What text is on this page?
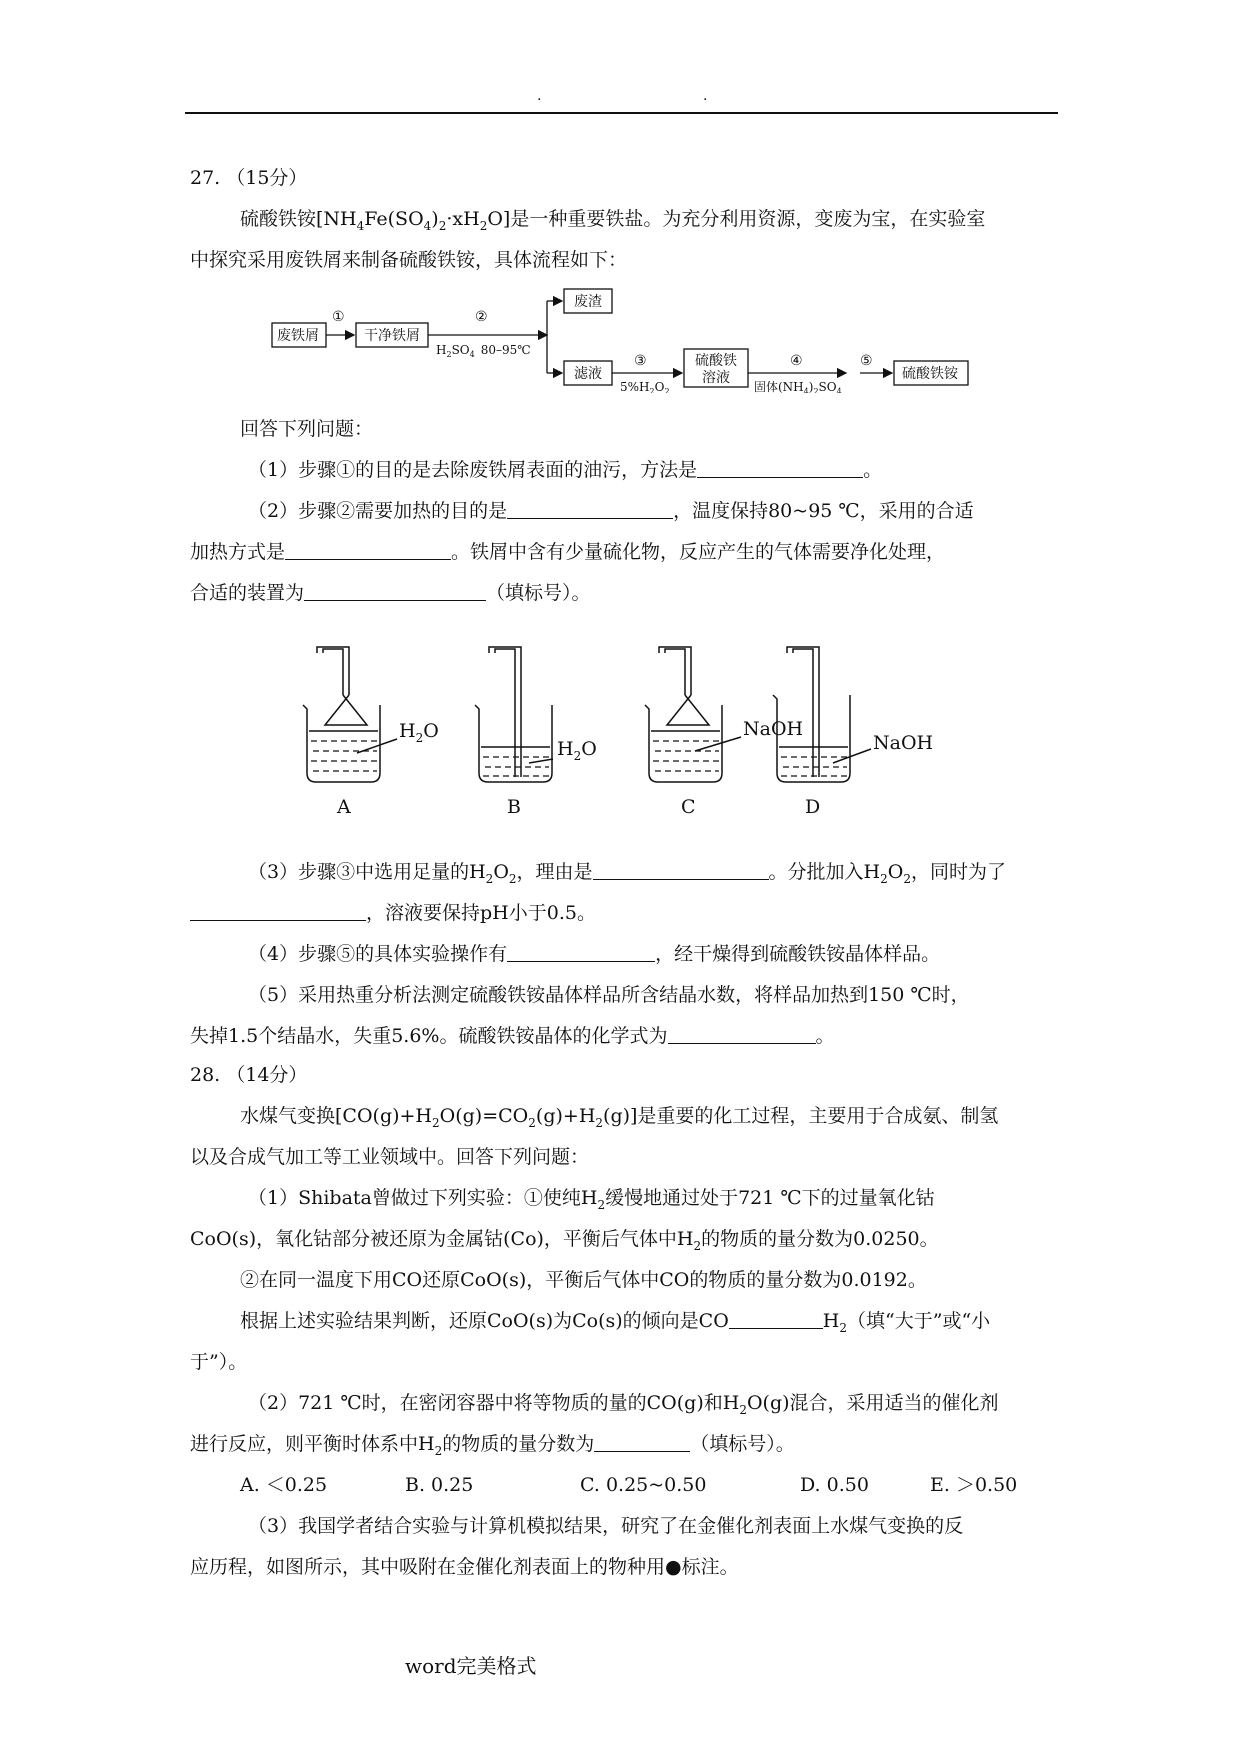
.	.
27. （15分）
硫酸铁铵$[NH_4Fe(SO_4)_2\cdot xH_2O]$是一种重要铁盐。为充分利用资源，变废为宝，在实验室
中探究采用废铁屑来制备硫酸铁铵，具体流程如下：
废铁屑	干净铁屑
废渣
滤液
硫酸铁
溶液	硫酸铁铵
①	②
③	④	⑤
$H_2SO_4$ 80–95℃
$5\%H_2O_2$	固体$(NH_4)_2SO_4$
回答下列问题：
（1）步骤①的目的是去除废铁屑表面的油污，方法是	。
（2）步骤②需要加热的目的是	，温度保持80~95 ℃，采用的合适
加热方式是	。铁屑中含有少量硫化物，反应产生的气体需要净化处理，
合适的装置为	（填标号）。
$H_2O$
$H_2O$
NaOH
NaOH
A	B	C	D
（3）步骤③中选用足量的$H_2O_2$，理由是	。分批加入$H_2O_2$，同时为了
，溶液要保持pH小于0.5。
（4）步骤⑤的具体实验操作有	，经干燥得到硫酸铁铵晶体样品。
（5）采用热重分析法测定硫酸铁铵晶体样品所含结晶水数，将样品加热到150 ℃时，
失掉1.5个结晶水，失重5.6%。硫酸铁铵晶体的化学式为	。
28. （14分）
水煤气变换$[CO(g)+H_2O(g)=CO_2(g)+H_2(g)]$是重要的化工过程，主要用于合成氨、制氢
以及合成气加工等工业领域中。回答下列问题：
（1）Shibata曾做过下列实验：①使纯$H_2$缓慢地通过处于721 ℃下的过量氧化钴
CoO(s)，氧化钴部分被还原为金属钴(Co)，平衡后气体中$H_2$的物质的量分数为0.0250。
②在同一温度下用CO还原CoO(s)，平衡后气体中CO的物质的量分数为0.0192。
根据上述实验结果判断，还原CoO(s)为Co(s)的倾向是CO	$H_2$（填“大于”或“小
于”）。
（2）721 ℃时，在密闭容器中将等物质的量的CO(g)和$H_2O(g)$混合，采用适当的催化剂
进行反应，则平衡时体系中$H_2$的物质的量分数为	（填标号）。
A. ＜0.25	B. 0.25	C. 0.25~0.50	D. 0.50	E. ＞0.50
（3）我国学者结合实验与计算机模拟结果，研究了在金催化剂表面上水煤气变换的反
应历程，如图所示，其中吸附在金催化剂表面上的物种用●标注。
word完美格式
